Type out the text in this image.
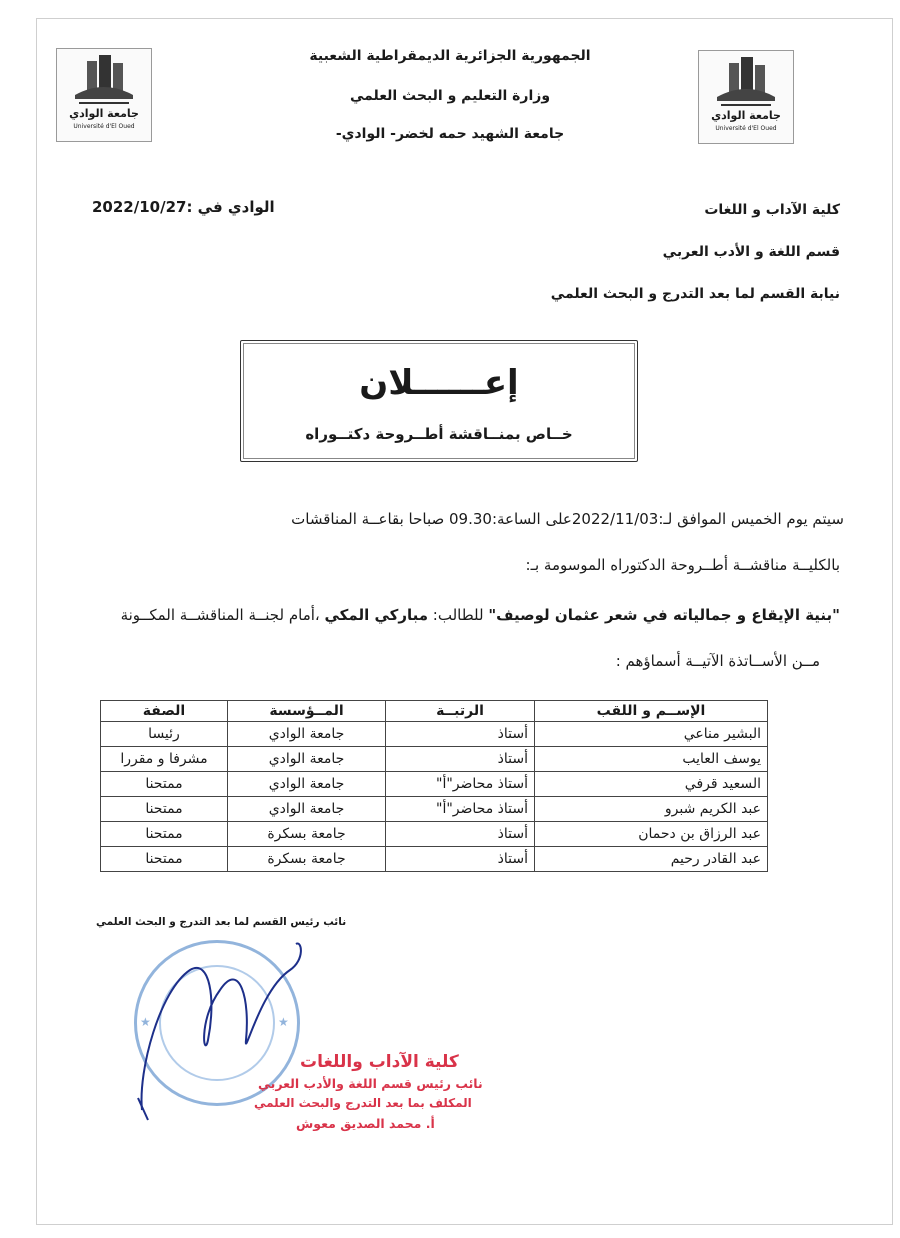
جامعة الوادي
Université d'El Oued
جامعة الوادي
Université d'El Oued
الجمهورية الجزائرية الديمقراطية الشعبية
وزارة التعليم و البحث العلمي
جامعة الشهيد حمه لخضر- الوادي-
كلية الآداب و اللغات
قسم اللغة و الأدب العربي
نيابة القسم لما بعد التدرج و البحث العلمي
الوادي في :2022/10/27
إعــــــلان
خــاص بمنــاقشة أطــروحة دكتــوراه
سيتم يوم الخميس الموافق لـ:2022/11/03على الساعة:09.30 صباحا بقاعــة المناقشات
بالكليــة مناقشــة أطــروحة الدكتوراه الموسومة بـ:
"بنية الإيقاع و جمالياته في شعر عثمان لوصيف" للطالب: مباركي المكي ،أمام لجنــة المناقشــة المكــونة
مــن الأســاتذة الآتيــة أسماؤهم :
الإســم و اللقب	الرتبــة	المــؤسسة	الصفة
البشير مناعي	أستاذ	جامعة الوادي	رئيسا
يوسف العايب	أستاذ	جامعة الوادي	مشرفا و مقررا
السعيد قرفي	أستاذ محاضر"أ"	جامعة الوادي	ممتحنا
عبد الكريم شبرو	أستاذ محاضر"أ"	جامعة الوادي	ممتحنا
عبد الرزاق بن دحمان	أستاذ	جامعة بسكرة	ممتحنا
عبد القادر رحيم	أستاذ	جامعة بسكرة	ممتحنا
نائب رئيس القسم لما بعد التدرج و البحث العلمي
★	★
كلية الآداب واللغات
نائب رئيس قسم اللغة والأدب العربي
المكلف بما بعد التدرج والبحث العلمي
أ. محمد الصديق معوش
